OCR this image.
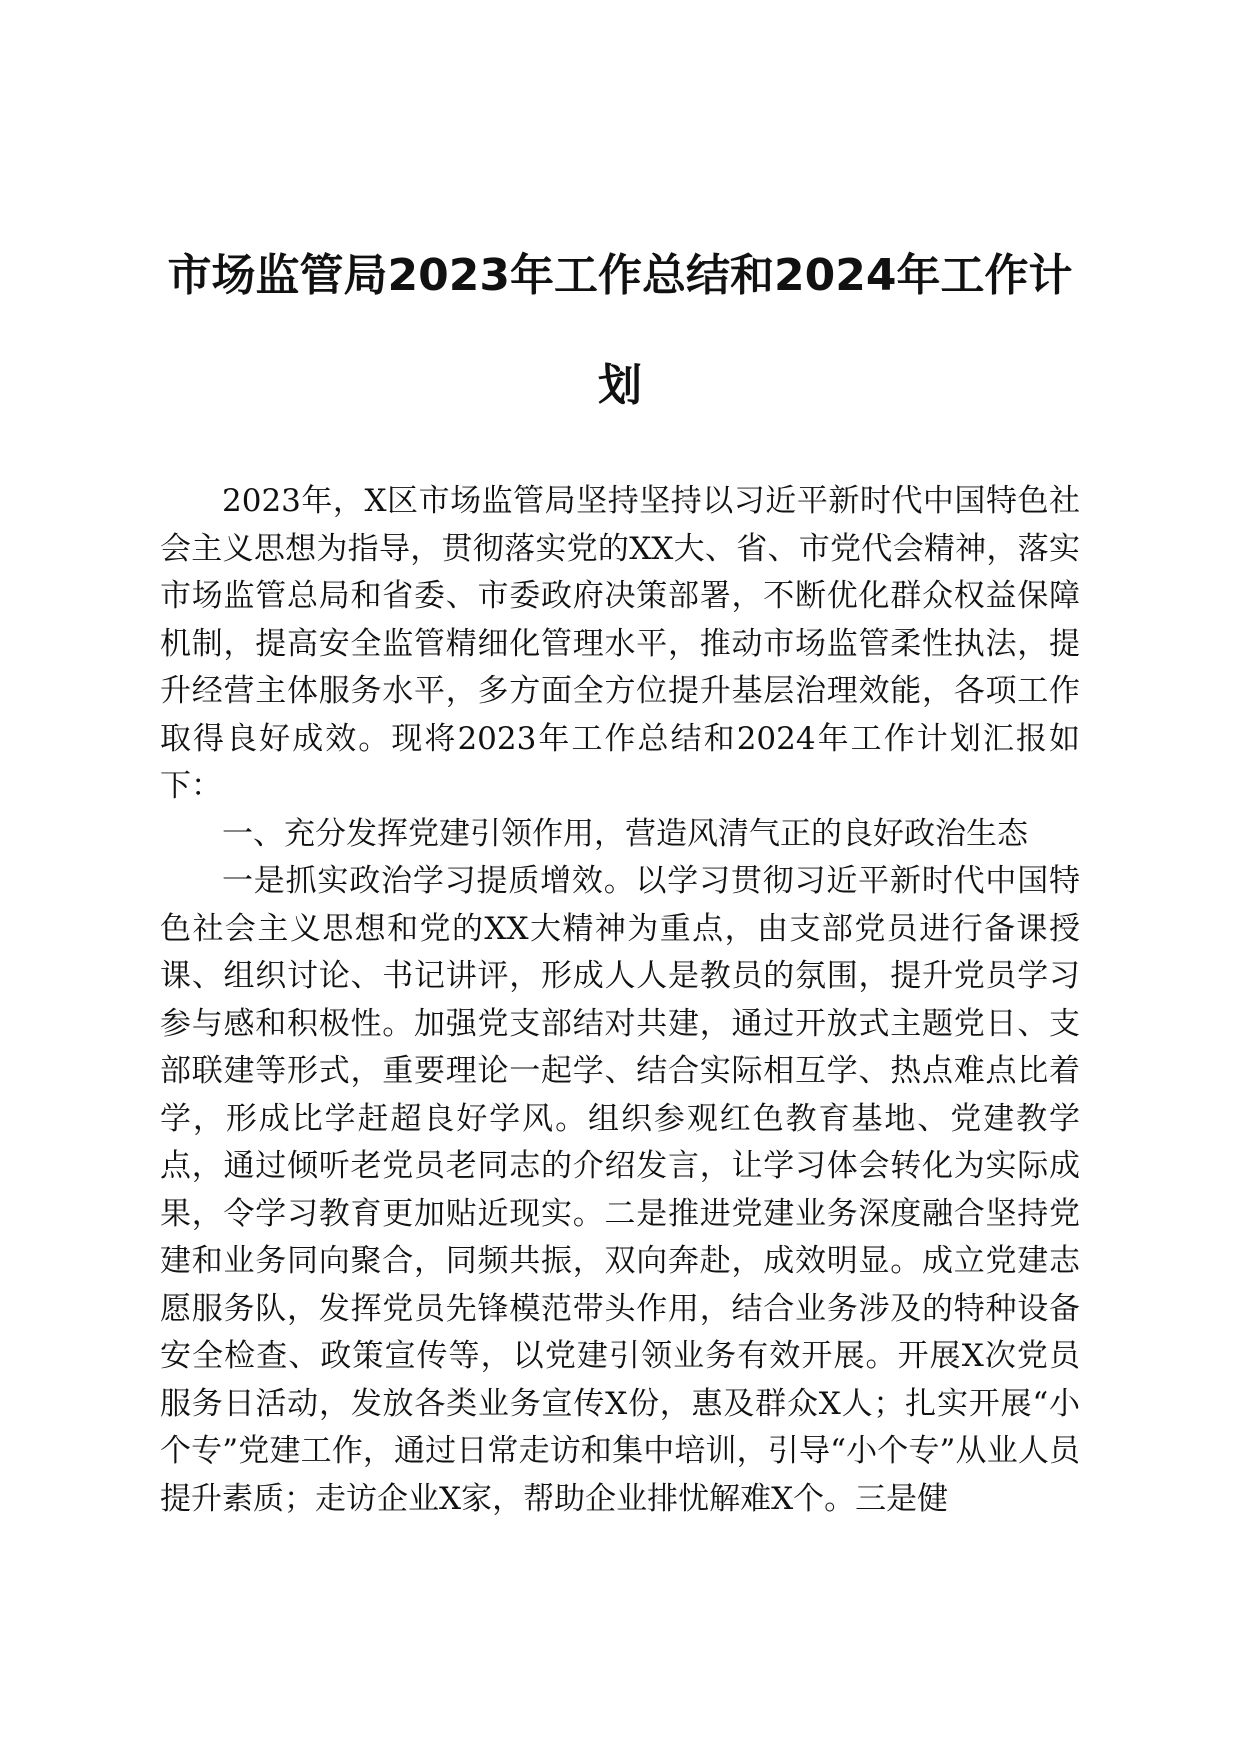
市场监管局2023年工作总结和2024年工作计
划

2023年，X区市场监管局坚持坚持以习近平新时代中国特色社会主义思想为指导，贯彻落实党的XX大、省、市党代会精神，落实市场监管总局和省委、市委政府决策部署，不断优化群众权益保障机制，提高安全监管精细化管理水平，推动市场监管柔性执法，提升经营主体服务水平，多方面全方位提升基层治理效能，各项工作取得良好成效。现将2023年工作总结和2024年工作计划汇报如下：

一、充分发挥党建引领作用，营造风清气正的良好政治生态

一是抓实政治学习提质增效。以学习贯彻习近平新时代中国特色社会主义思想和党的XX大精神为重点，由支部党员进行备课授课、组织讨论、书记讲评，形成人人是教员的氛围，提升党员学习参与感和积极性。加强党支部结对共建，通过开放式主题党日、支部联建等形式，重要理论一起学、结合实际相互学、热点难点比着学，形成比学赶超良好学风。组织参观红色教育基地、党建教学点，通过倾听老党员老同志的介绍发言，让学习体会转化为实际成果，令学习教育更加贴近现实。二是推进党建业务深度融合坚持党建和业务同向聚合，同频共振，双向奔赴，成效明显。成立党建志愿服务队，发挥党员先锋模范带头作用，结合业务涉及的特种设备安全检查、政策宣传等，以党建引领业务有效开展。开展X次党员服务日活动，发放各类业务宣传X份，惠及群众X人；扎实开展“小个专”党建工作，通过日常走访和集中培训，引导“小个专”从业人员提升素质；走访企业X家，帮助企业排忧解难X个。三是健
